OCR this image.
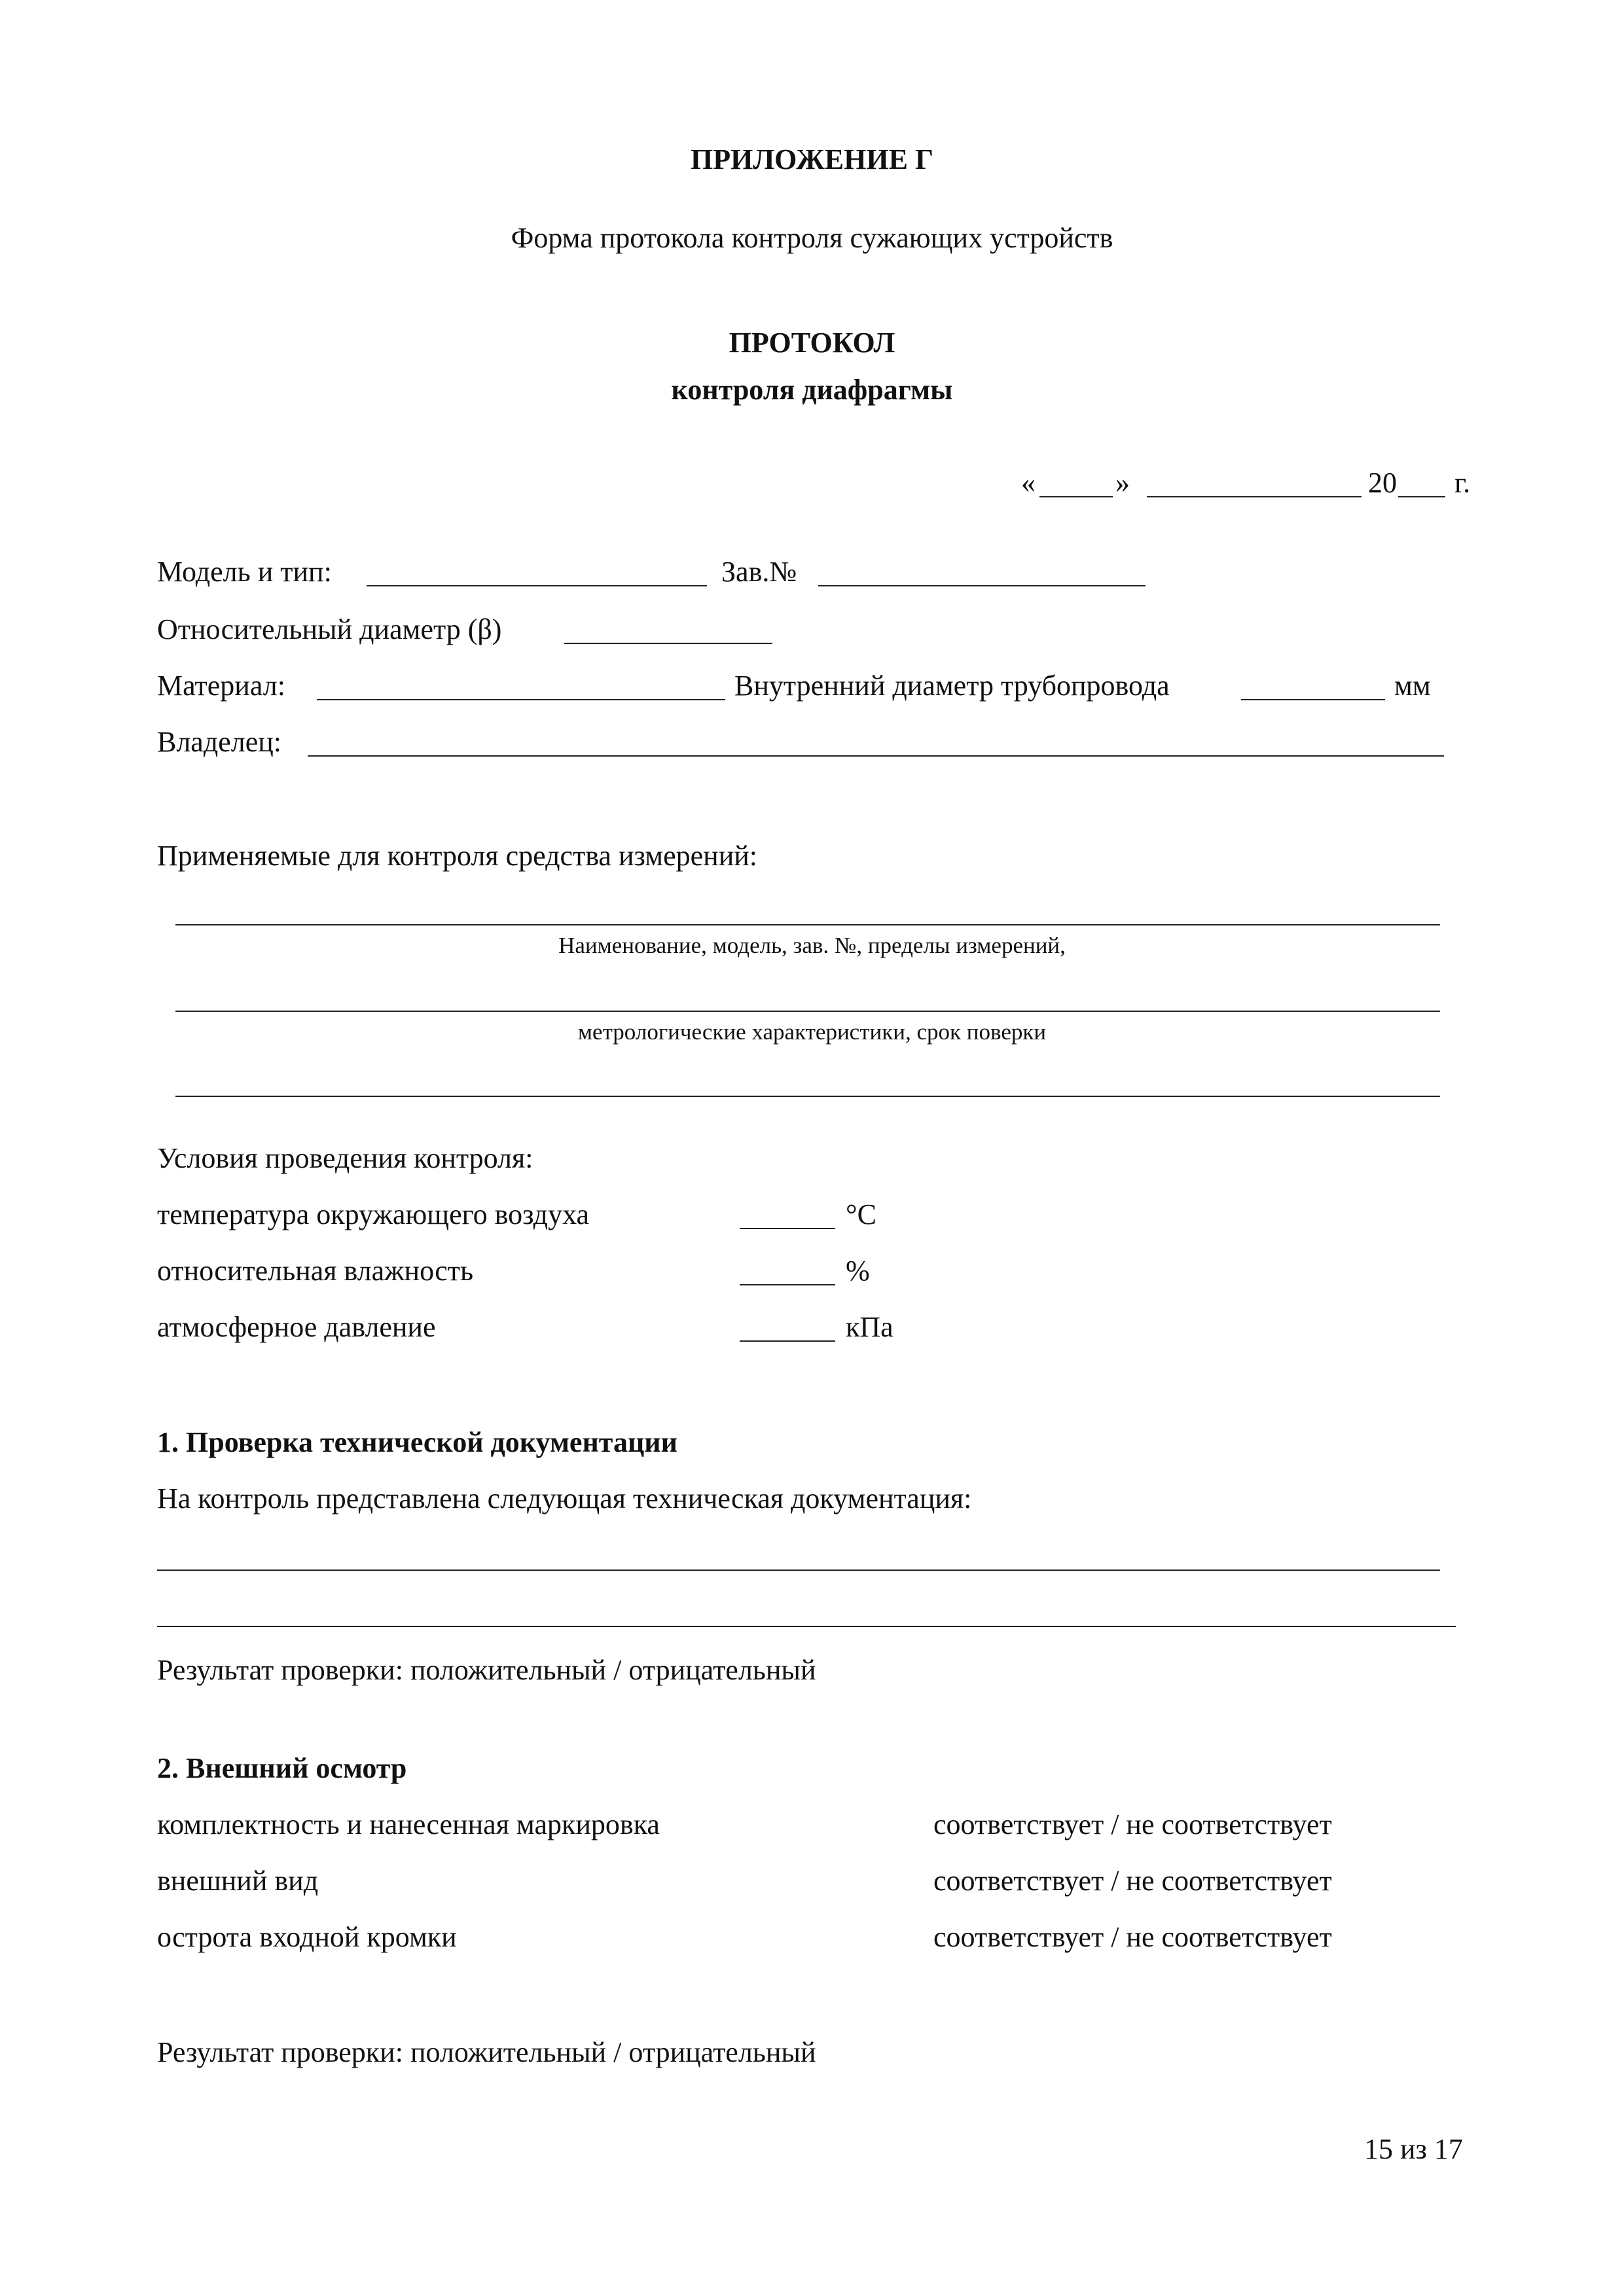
ПРИЛОЖЕНИЕ Г
Форма протокола контроля сужающих устройств
ПРОТОКОЛ
контроля диафрагмы
«	»	20 г.
Модель и тип:	Зав.№
Относительный диаметр (β)
Материал:	Внутренний диаметр трубопровода	мм
Владелец:
Применяемые для контроля средства измерений:
Наименование, модель, зав. №, пределы измерений,
метрологические характеристики, срок поверки
Условия проведения контроля:
температура окружающего воздуха	°C
относительная влажность	%
атмосферное давление	кПа
1. Проверка технической документации
На контроль представлена следующая техническая документация:
Результат проверки: положительный / отрицательный
2. Внешний осмотр
комплектность и нанесенная маркировка	соответствует / не соответствует
внешний вид	соответствует / не соответствует
острота входной кромки	соответствует / не соответствует
Результат проверки: положительный / отрицательный
15 из 17
